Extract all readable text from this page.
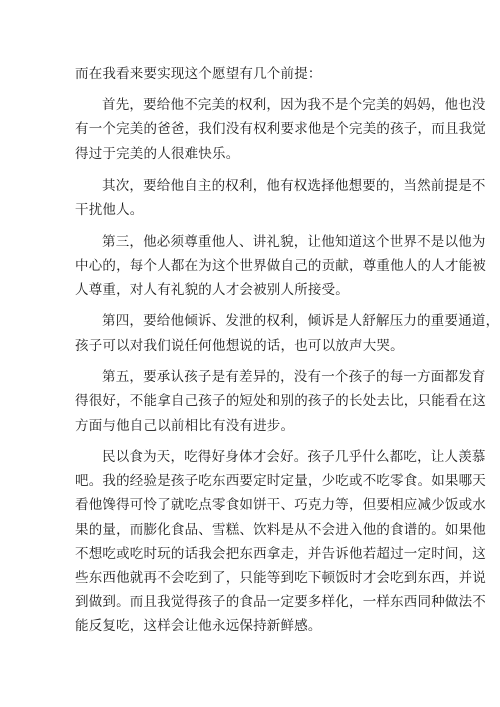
而在我看来要实现这个愿望有几个前提：
首先，要给他不完美的权利，因为我不是个完美的妈妈，他也没
有一个完美的爸爸，我们没有权利要求他是个完美的孩子，而且我觉
得过于完美的人很难快乐。
其次，要给他自主的权利，他有权选择他想要的，当然前提是不
干扰他人。
第三，他必须尊重他人、讲礼貌，让他知道这个世界不是以他为
中心的，每个人都在为这个世界做自己的贡献，尊重他人的人才能被
人尊重，对人有礼貌的人才会被别人所接受。
第四，要给他倾诉、发泄的权利，倾诉是人舒解压力的重要通道，
孩子可以对我们说任何他想说的话，也可以放声大哭。
第五，要承认孩子是有差异的，没有一个孩子的每一方面都发育
得很好，不能拿自己孩子的短处和别的孩子的长处去比，只能看在这
方面与他自己以前相比有没有进步。
民以食为天，吃得好身体才会好。孩子几乎什么都吃，让人羡慕
吧。我的经验是孩子吃东西要定时定量，少吃或不吃零食。如果哪天
看他馋得可怜了就吃点零食如饼干、巧克力等，但要相应减少饭或水
果的量，而膨化食品、雪糕、饮料是从不会进入他的食谱的。如果他
不想吃或吃时玩的话我会把东西拿走，并告诉他若超过一定时间，这
些东西他就再不会吃到了，只能等到吃下顿饭时才会吃到东西，并说
到做到。而且我觉得孩子的食品一定要多样化，一样东西同种做法不
能反复吃，这样会让他永远保持新鲜感。
